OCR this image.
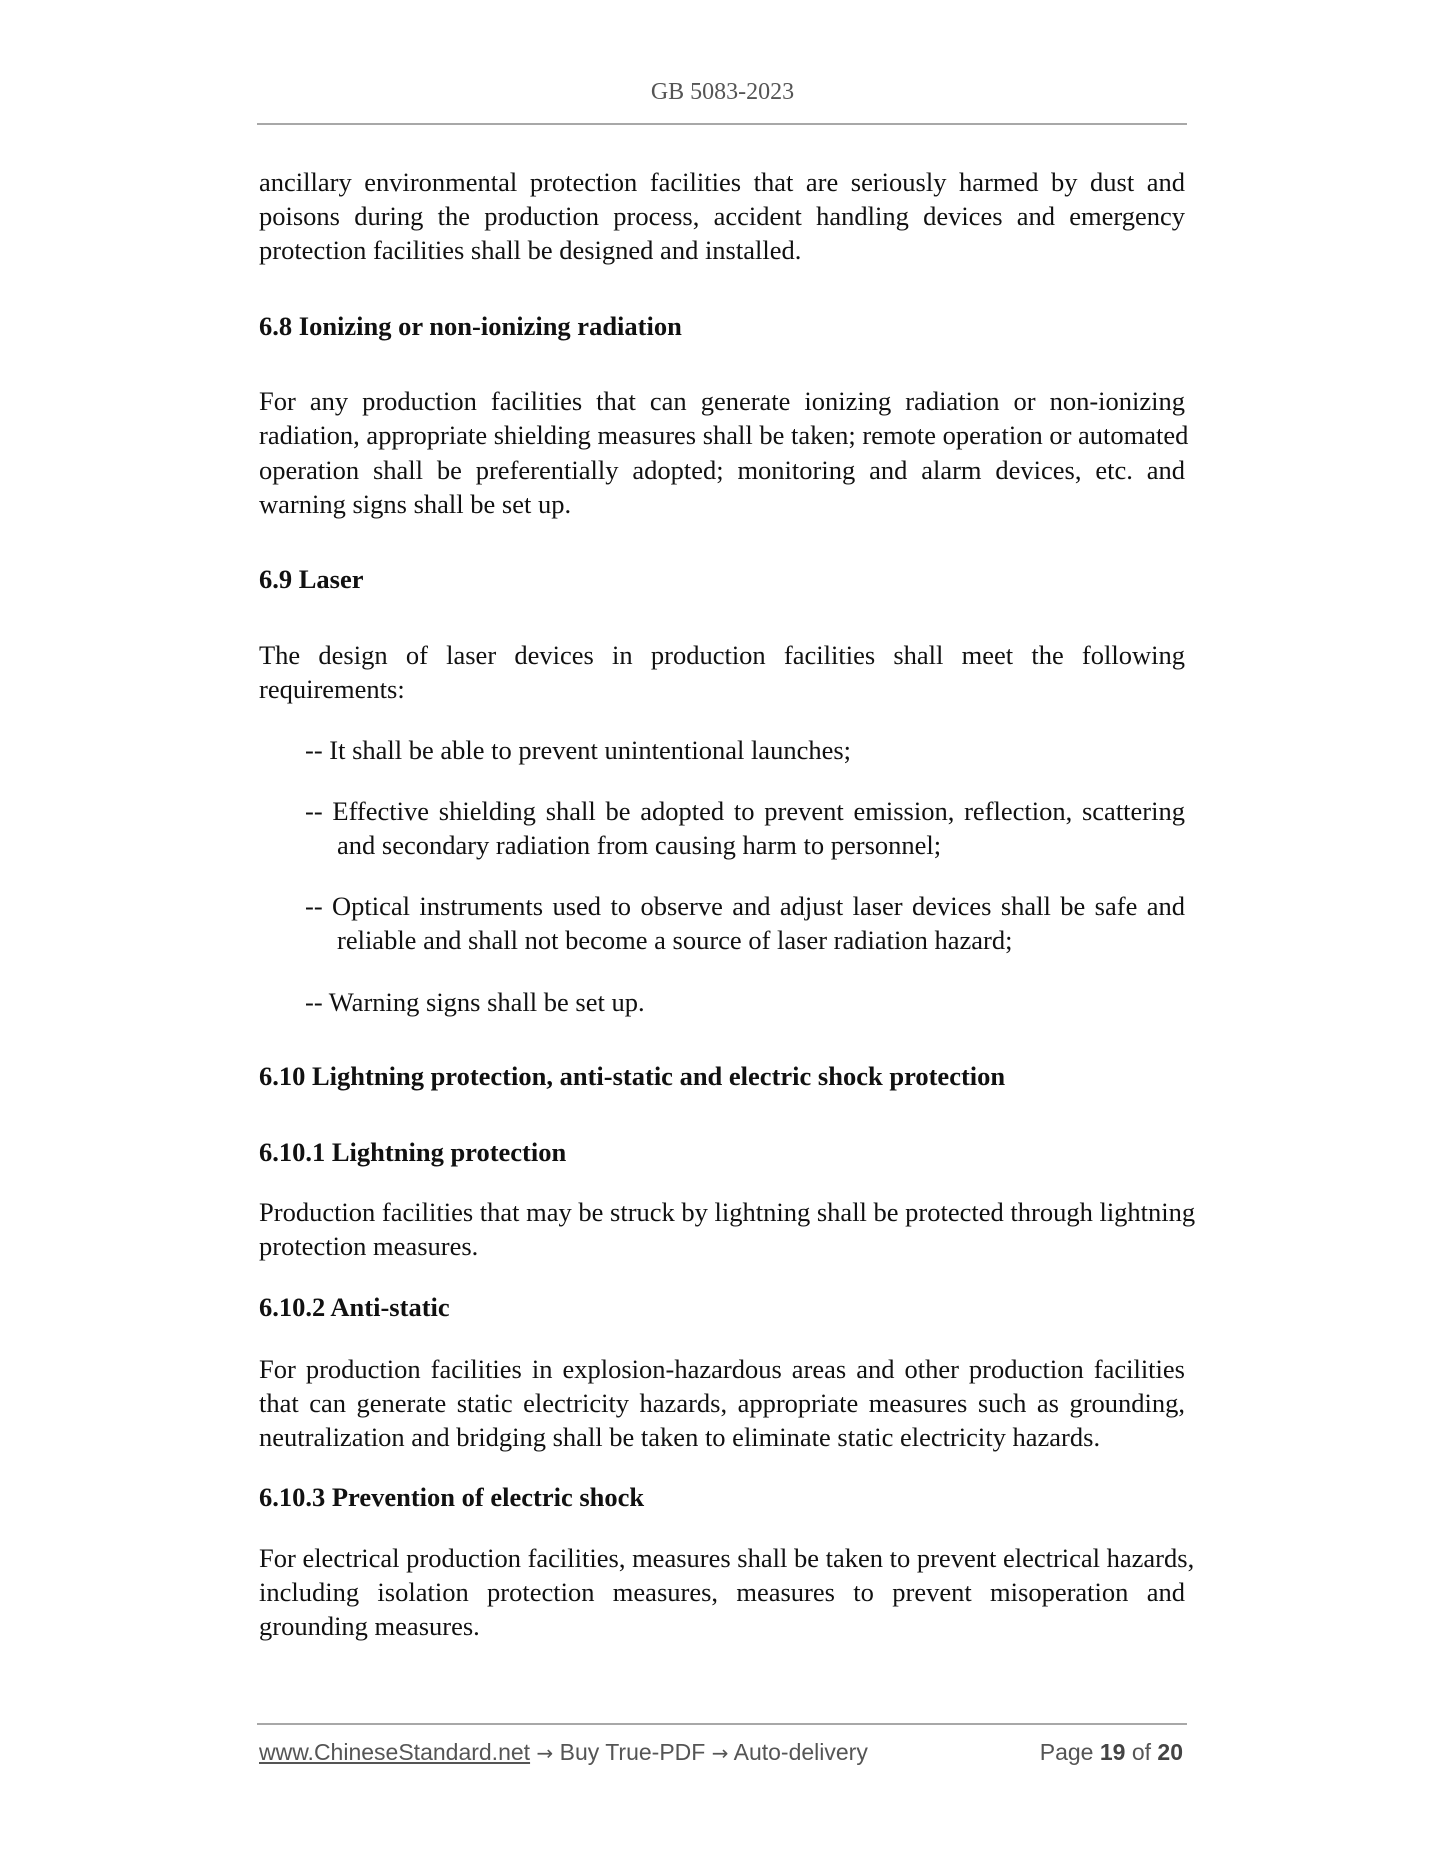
GB 5083-2023
ancillary environmental protection facilities that are seriously harmed by dust and
poisons during the production process, accident handling devices and emergency
protection facilities shall be designed and installed.
6.8 Ionizing or non-ionizing radiation
For any production facilities that can generate ionizing radiation or non-ionizing
radiation, appropriate shielding measures shall be taken; remote operation or automated
operation shall be preferentially adopted; monitoring and alarm devices, etc. and
warning signs shall be set up.
6.9 Laser
The design of laser devices in production facilities shall meet the following
requirements:
-- It shall be able to prevent unintentional launches;
-- Effective shielding shall be adopted to prevent emission, reflection, scattering
and secondary radiation from causing harm to personnel;
-- Optical instruments used to observe and adjust laser devices shall be safe and
reliable and shall not become a source of laser radiation hazard;
-- Warning signs shall be set up.
6.10 Lightning protection, anti-static and electric shock protection
6.10.1 Lightning protection
Production facilities that may be struck by lightning shall be protected through lightning
protection measures.
6.10.2 Anti-static
For production facilities in explosion-hazardous areas and other production facilities
that can generate static electricity hazards, appropriate measures such as grounding,
neutralization and bridging shall be taken to eliminate static electricity hazards.
6.10.3 Prevention of electric shock
For electrical production facilities, measures shall be taken to prevent electrical hazards,
including isolation protection measures, measures to prevent misoperation and
grounding measures.
www.ChineseStandard.net → Buy True-PDF → Auto-delivery	Page 19 of 20
